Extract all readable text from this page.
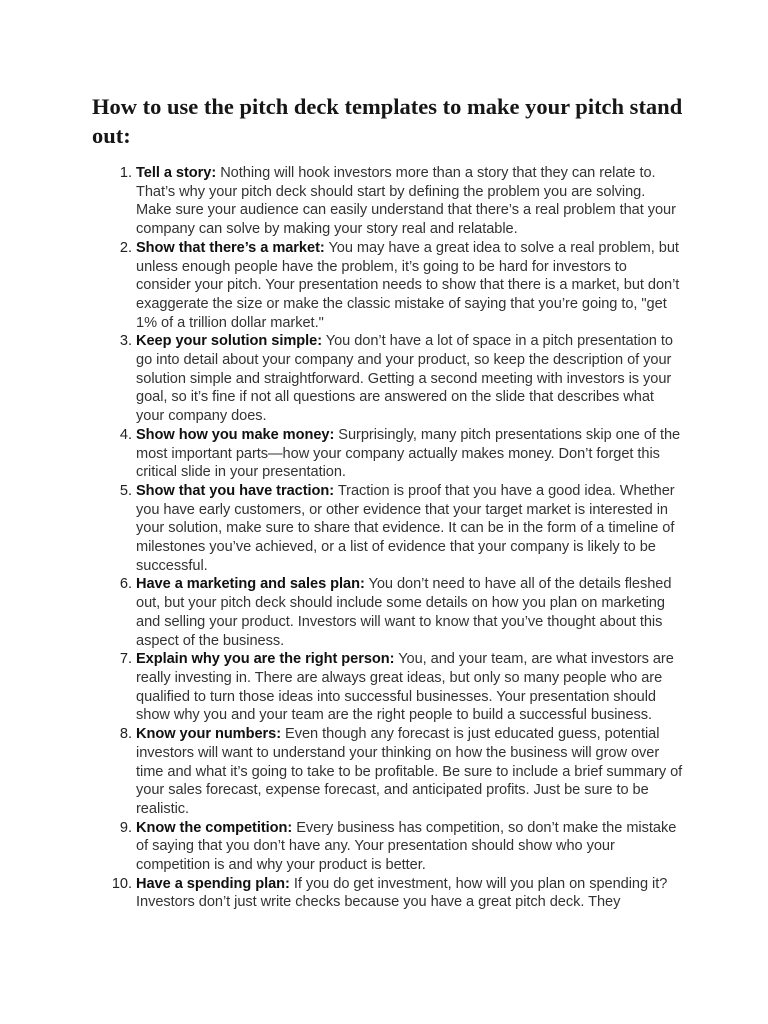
How to use the pitch deck templates to make your pitch stand out:
1. Tell a story: Nothing will hook investors more than a story that they can relate to. That’s why your pitch deck should start by defining the problem you are solving. Make sure your audience can easily understand that there’s a real problem that your company can solve by making your story real and relatable.
2. Show that there’s a market: You may have a great idea to solve a real problem, but unless enough people have the problem, it’s going to be hard for investors to consider your pitch. Your presentation needs to show that there is a market, but don’t exaggerate the size or make the classic mistake of saying that you’re going to, "get 1% of a trillion dollar market."
3. Keep your solution simple: You don’t have a lot of space in a pitch presentation to go into detail about your company and your product, so keep the description of your solution simple and straightforward. Getting a second meeting with investors is your goal, so it’s fine if not all questions are answered on the slide that describes what your company does.
4. Show how you make money: Surprisingly, many pitch presentations skip one of the most important parts—how your company actually makes money. Don’t forget this critical slide in your presentation.
5. Show that you have traction: Traction is proof that you have a good idea. Whether you have early customers, or other evidence that your target market is interested in your solution, make sure to share that evidence. It can be in the form of a timeline of milestones you’ve achieved, or a list of evidence that your company is likely to be successful.
6. Have a marketing and sales plan: You don’t need to have all of the details fleshed out, but your pitch deck should include some details on how you plan on marketing and selling your product. Investors will want to know that you’ve thought about this aspect of the business.
7. Explain why you are the right person: You, and your team, are what investors are really investing in. There are always great ideas, but only so many people who are qualified to turn those ideas into successful businesses. Your presentation should show why you and your team are the right people to build a successful business.
8. Know your numbers: Even though any forecast is just educated guess, potential investors will want to understand your thinking on how the business will grow over time and what it’s going to take to be profitable. Be sure to include a brief summary of your sales forecast, expense forecast, and anticipated profits. Just be sure to be realistic.
9. Know the competition: Every business has competition, so don’t make the mistake of saying that you don’t have any. Your presentation should show who your competition is and why your product is better.
10. Have a spending plan: If you do get investment, how will you plan on spending it? Investors don’t just write checks because you have a great pitch deck. They
